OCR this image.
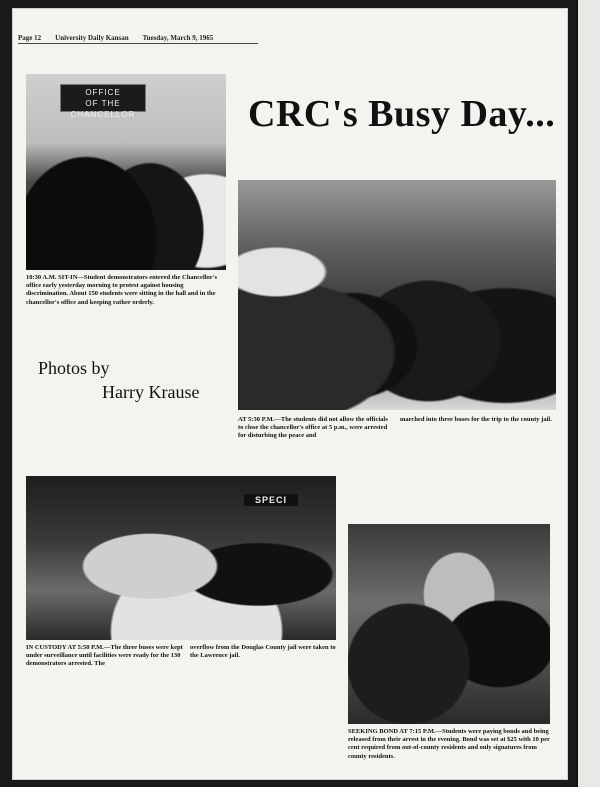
Page 12 University Daily Kansan Tuesday, March 9, 1965
CRC's Busy Day...
OFFICE
OF THE
CHANCELLOR
10:30 A.M. SIT-IN—Student demonstrators entered the Chancellor's office early yesterday morning to protest against housing discrimination. About 150 students were sitting in the hall and in the chancellor's office and keeping rather orderly.
Photos by
Harry Krause
AT 5:30 P.M.—The students did not allow the officials to close the chancellor's office at 5 p.m., were arrested for disturbing the peace and
marched into three buses for the trip to the county jail.
SPECI
IN CUSTODY AT 5:50 P.M.—The three buses were kept under surveillance until facilities were ready for the 130 demonstrators arrested. The
overflow from the Douglas County jail were taken to the Lawrence jail.
SEEKING BOND AT 7:15 P.M.—Students were paying bonds and being released from their arrest in the evening. Bond was set at $25 with 10 per cent required from out-of-county residents and only signatures from county residents.
